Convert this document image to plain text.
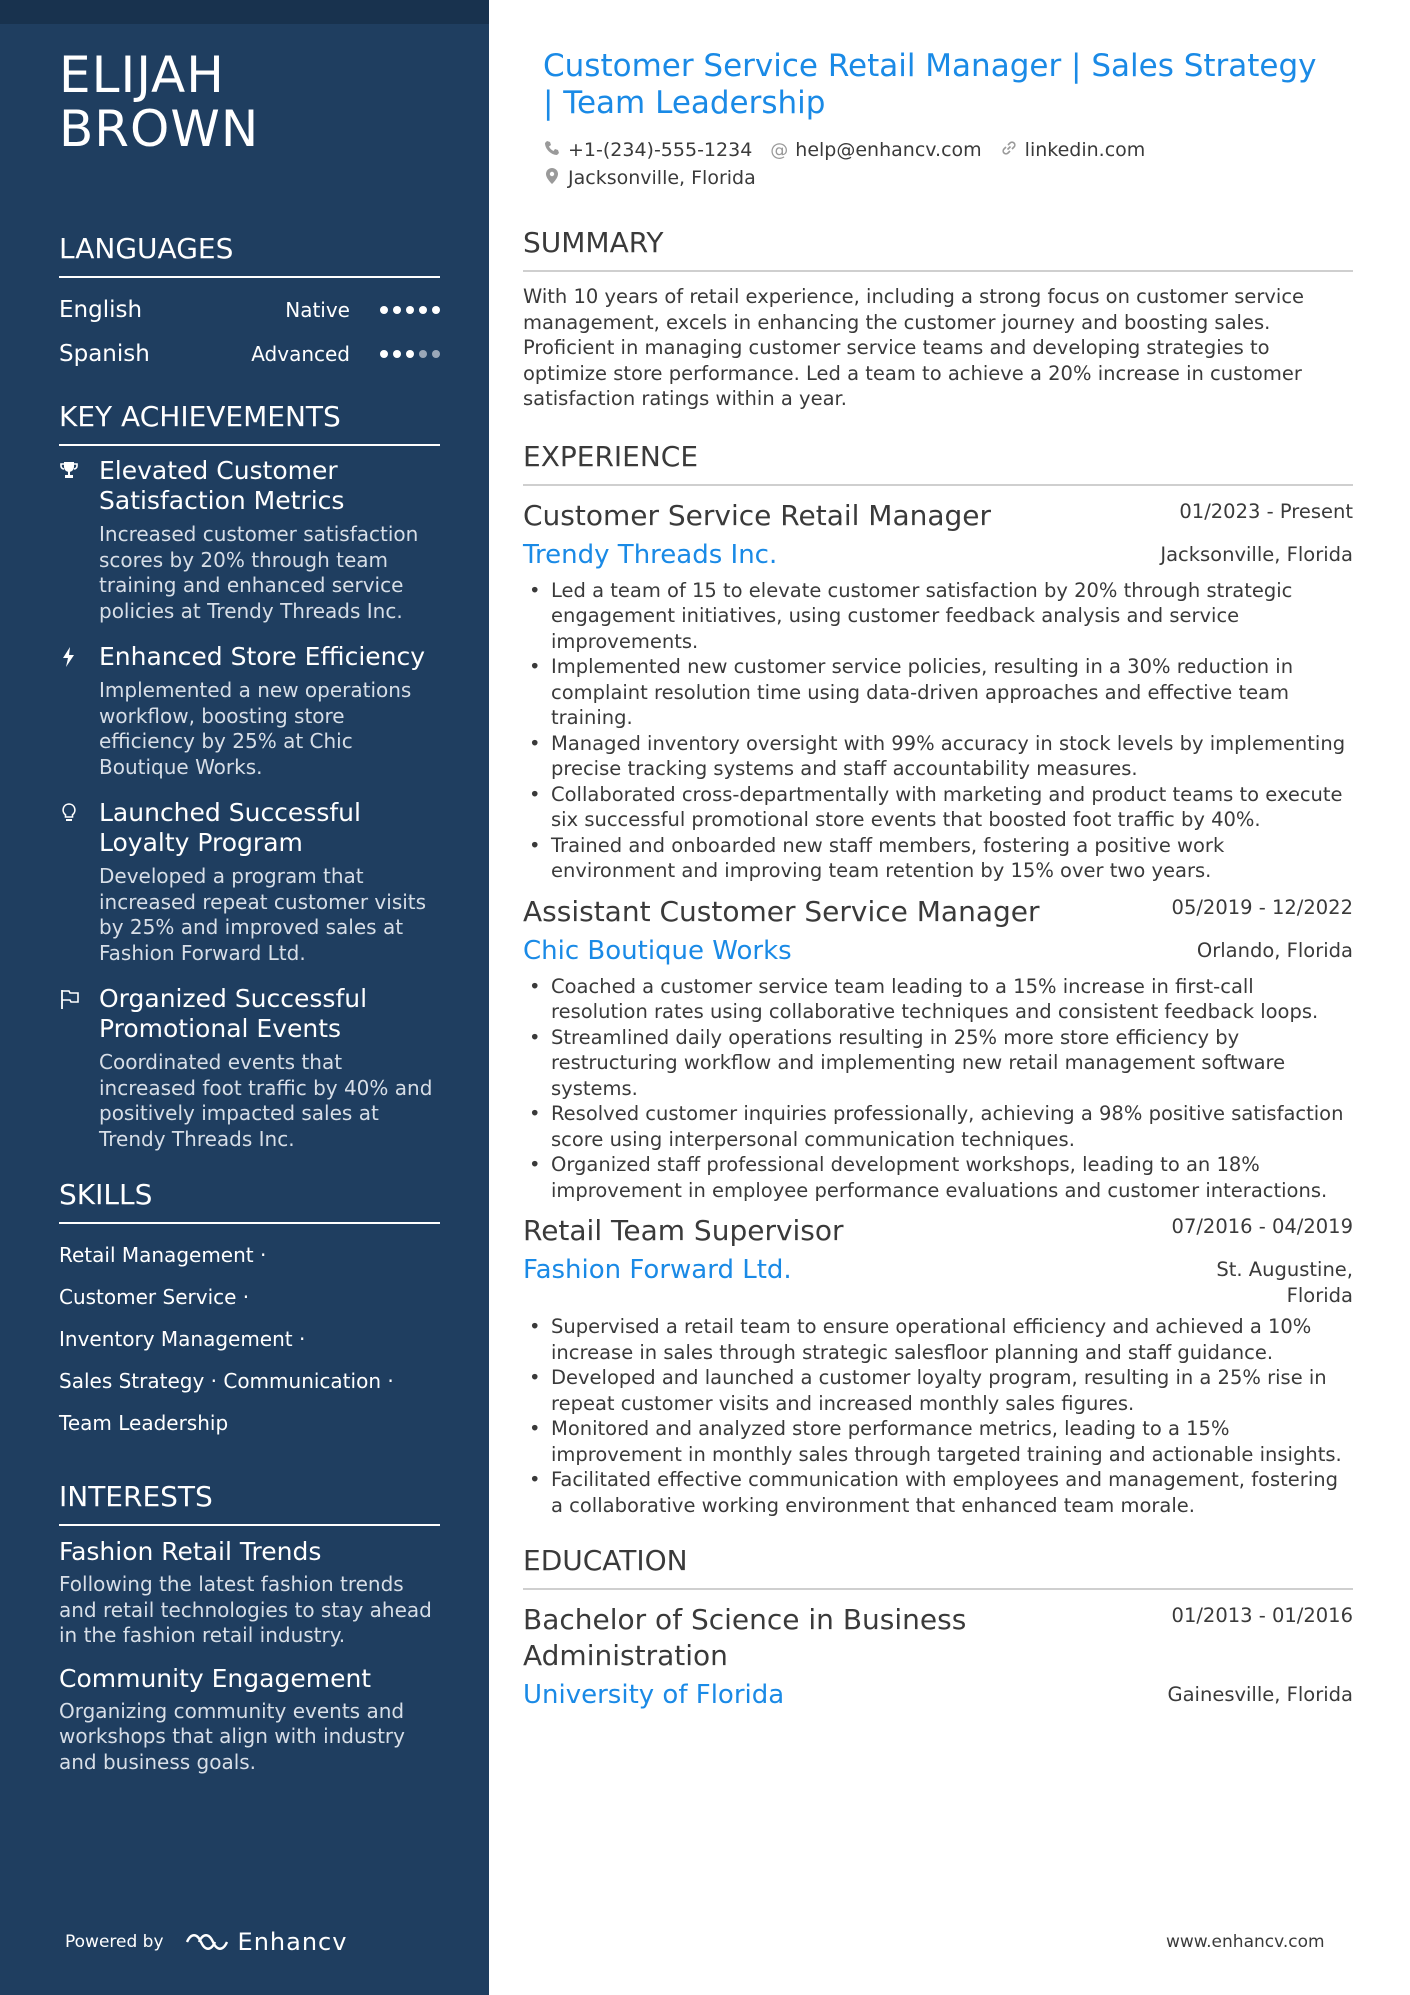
ELIJAH
BROWN
LANGUAGES
English	Native
Spanish	Advanced
KEY ACHIEVEMENTS
Elevated Customer Satisfaction Metrics
Increased customer satisfaction scores by 20% through team training and enhanced service policies at Trendy Threads Inc.
Enhanced Store Efficiency
Implemented a new operations workflow, boosting store efficiency by 25% at Chic Boutique Works.
Launched Successful Loyalty Program
Developed a program that increased repeat customer visits by 25% and improved sales at Fashion Forward Ltd.
Organized Successful Promotional Events
Coordinated events that increased foot traffic by 40% and positively impacted sales at Trendy Threads Inc.
SKILLS
Retail Management ·
Customer Service ·
Inventory Management ·
Sales Strategy · Communication ·
Team Leadership
INTERESTS
Fashion Retail Trends
Following the latest fashion trends and retail technologies to stay ahead in the fashion retail industry.
Community Engagement
Organizing community events and workshops that align with industry and business goals.
Powered by	Enhancv
Customer Service Retail Manager | Sales Strategy | Team Leadership
+1-(234)-555-1234 @ help@enhancv.com linkedin.com
Jacksonville, Florida
SUMMARY
With 10 years of retail experience, including a strong focus on customer service management, excels in enhancing the customer journey and boosting sales. Proficient in managing customer service teams and developing strategies to optimize store performance. Led a team to achieve a 20% increase in customer satisfaction ratings within a year.
EXPERIENCE
Customer Service Retail Manager	01/2023 - Present
Trendy Threads Inc.	Jacksonville, Florida
• Led a team of 15 to elevate customer satisfaction by 20% through strategic engagement initiatives, using customer feedback analysis and service improvements.
• Implemented new customer service policies, resulting in a 30% reduction in complaint resolution time using data-driven approaches and effective team training.
• Managed inventory oversight with 99% accuracy in stock levels by implementing precise tracking systems and staff accountability measures.
• Collaborated cross-departmentally with marketing and product teams to execute six successful promotional store events that boosted foot traffic by 40%.
• Trained and onboarded new staff members, fostering a positive work environment and improving team retention by 15% over two years.
Assistant Customer Service Manager	05/2019 - 12/2022
Chic Boutique Works	Orlando, Florida
• Coached a customer service team leading to a 15% increase in first-call resolution rates using collaborative techniques and consistent feedback loops.
• Streamlined daily operations resulting in 25% more store efficiency by restructuring workflow and implementing new retail management software systems.
• Resolved customer inquiries professionally, achieving a 98% positive satisfaction score using interpersonal communication techniques.
• Organized staff professional development workshops, leading to an 18% improvement in employee performance evaluations and customer interactions.
Retail Team Supervisor	07/2016 - 04/2019
Fashion Forward Ltd.	St. Augustine, Florida
• Supervised a retail team to ensure operational efficiency and achieved a 10% increase in sales through strategic salesfloor planning and staff guidance.
• Developed and launched a customer loyalty program, resulting in a 25% rise in repeat customer visits and increased monthly sales figures.
• Monitored and analyzed store performance metrics, leading to a 15% improvement in monthly sales through targeted training and actionable insights.
• Facilitated effective communication with employees and management, fostering a collaborative working environment that enhanced team morale.
EDUCATION
Bachelor of Science in Business Administration
01/2013 - 01/2016
University of Florida	Gainesville, Florida
www.enhancv.com
